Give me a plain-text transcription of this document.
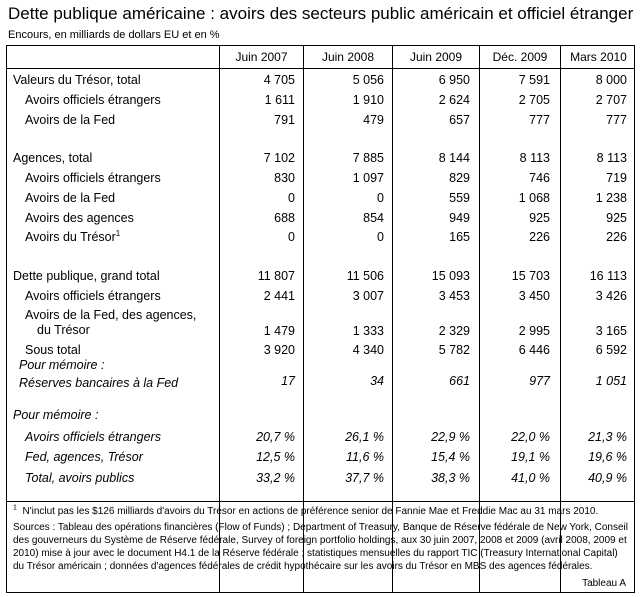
Dette publique américaine : avoirs des secteurs public américain et officiel étranger
Encours, en milliards de dollars EU et en %
Juin 2007	Juin 2008	Juin 2009	Déc. 2009	Mars 2010
Valeurs du Trésor, total	4 705	5 056	6 950	7 591	8 000
Avoirs officiels étrangers	1 611	1 910	2 624	2 705	2 707
Avoirs de la Fed	791	479	657	777	777
Agences, total	7 102	7 885	8 144	8 113	8 113
Avoirs officiels étrangers	830	1 097	829	746	719
Avoirs de la Fed	0	0	559	1 068	1 238
Avoirs des agences	688	854	949	925	925
Avoirs du Trésor$^1$	0	0	165	226	226
Dette publique, grand total	11 807	11 506	15 093	15 703	16 113
Avoirs officiels étrangers	2 441	3 007	3 453	3 450	3 426
Avoirs de la Fed, des agences,
du Trésor	1 479	1 333	2 329	2 995	3 165
Sous total	3 920	4 340	5 782	6 446	6 592
Pour mémoire :
Réserves bancaires à la Fed	17	34	661	977	1 051
Pour mémoire :
Avoirs officiels étrangers	20,7 %	26,1 %	22,9 %	22,0 %	21,3 %
Fed, agences, Trésor	12,5 %	11,6 %	15,4 %	19,1 %	19,6 %
Total, avoirs publics	33,2 %	37,7 %	38,3 %	41,0 %	40,9 %
$^1$ N'inclut pas les $126 milliards d'avoirs du Trésor en actions de préférence senior de Fannie Mae et Freddie Mac au 31 mars 2010.
Sources : Tableau des opérations financières (Flow of Funds) ; Department of Treasury, Banque de Réserve fédérale de New York, Conseil des gouverneurs du Système de Réserve fédérale, Survey of foreign portfolio holdings, aux 30 juin 2007, 2008 et 2009 (avril 2008, 2009 et 2010) mise à jour avec le document H4.1 de la Réserve fédérale ; statistiques mensuelles du rapport TIC (Treasury International Capital) du Trésor américain ; données d'agences fédérales de crédit hypothécaire sur les avoirs du Trésor en MBS des agences fédérales.
Tableau A
